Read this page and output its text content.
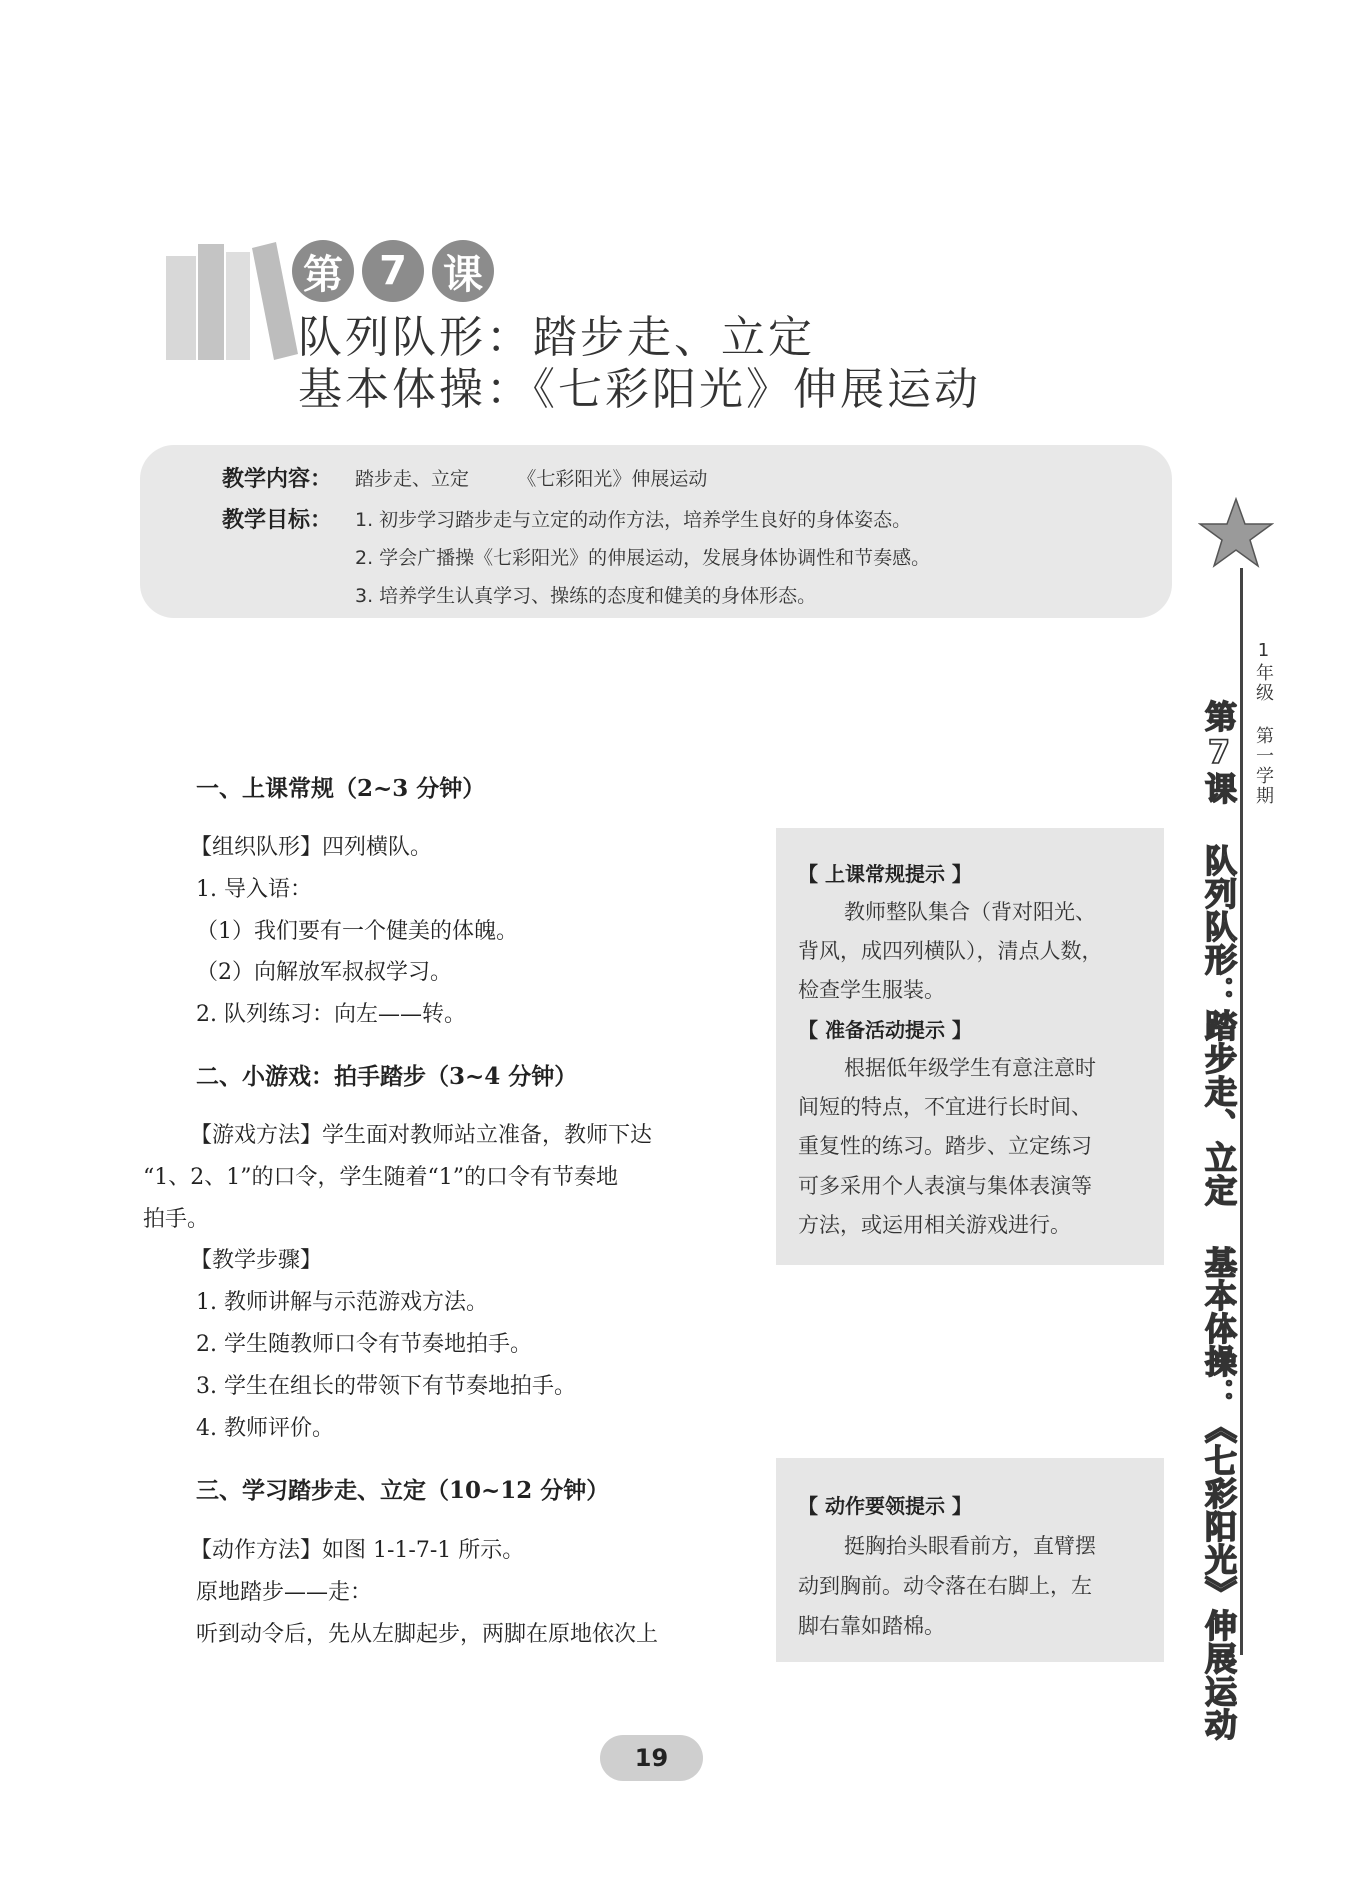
第 7 课
队列队形：踏步走、立定
基本体操：《七彩阳光》伸展运动
教学内容： 踏步走、立定        《七彩阳光》伸展运动
教学目标： 1. 初步学习踏步走与立定的动作方法，培养学生良好的身体姿态。
2. 学会广播操《七彩阳光》的伸展运动，发展身体协调性和节奏感。
3. 培养学生认真学习、操练的态度和健美的身体形态。
1年级 第一学期
第7课 队列队形：踏步走、立定 基本体操：《七彩阳光》伸展运动
一、上课常规（2~3 分钟）
【组织队形】四列横队。
1. 导入语：
（1）我们要有一个健美的体魄。
（2）向解放军叔叔学习。
2. 队列练习：向左——转。
二、小游戏：拍手踏步（3~4 分钟）
【游戏方法】学生面对教师站立准备，教师下达
“1、2、1”的口令，学生随着“1”的口令有节奏地
拍手。
【教学步骤】
1. 教师讲解与示范游戏方法。
2. 学生随教师口令有节奏地拍手。
3. 学生在组长的带领下有节奏地拍手。
4. 教师评价。
三、学习踏步走、立定（10~12 分钟）
【动作方法】如图 1-1-7-1 所示。
原地踏步——走：
听到动令后，先从左脚起步，两脚在原地依次上
【 上课常规提示 】
教师整队集合（背对阳光、
背风，成四列横队），清点人数，
检查学生服装。
【 准备活动提示 】
根据低年级学生有意注意时
间短的特点，不宜进行长时间、
重复性的练习。踏步、立定练习
可多采用个人表演与集体表演等
方法，或运用相关游戏进行。
【 动作要领提示 】
挺胸抬头眼看前方，直臂摆
动到胸前。动令落在右脚上，左
脚右靠如踏棉。
19
